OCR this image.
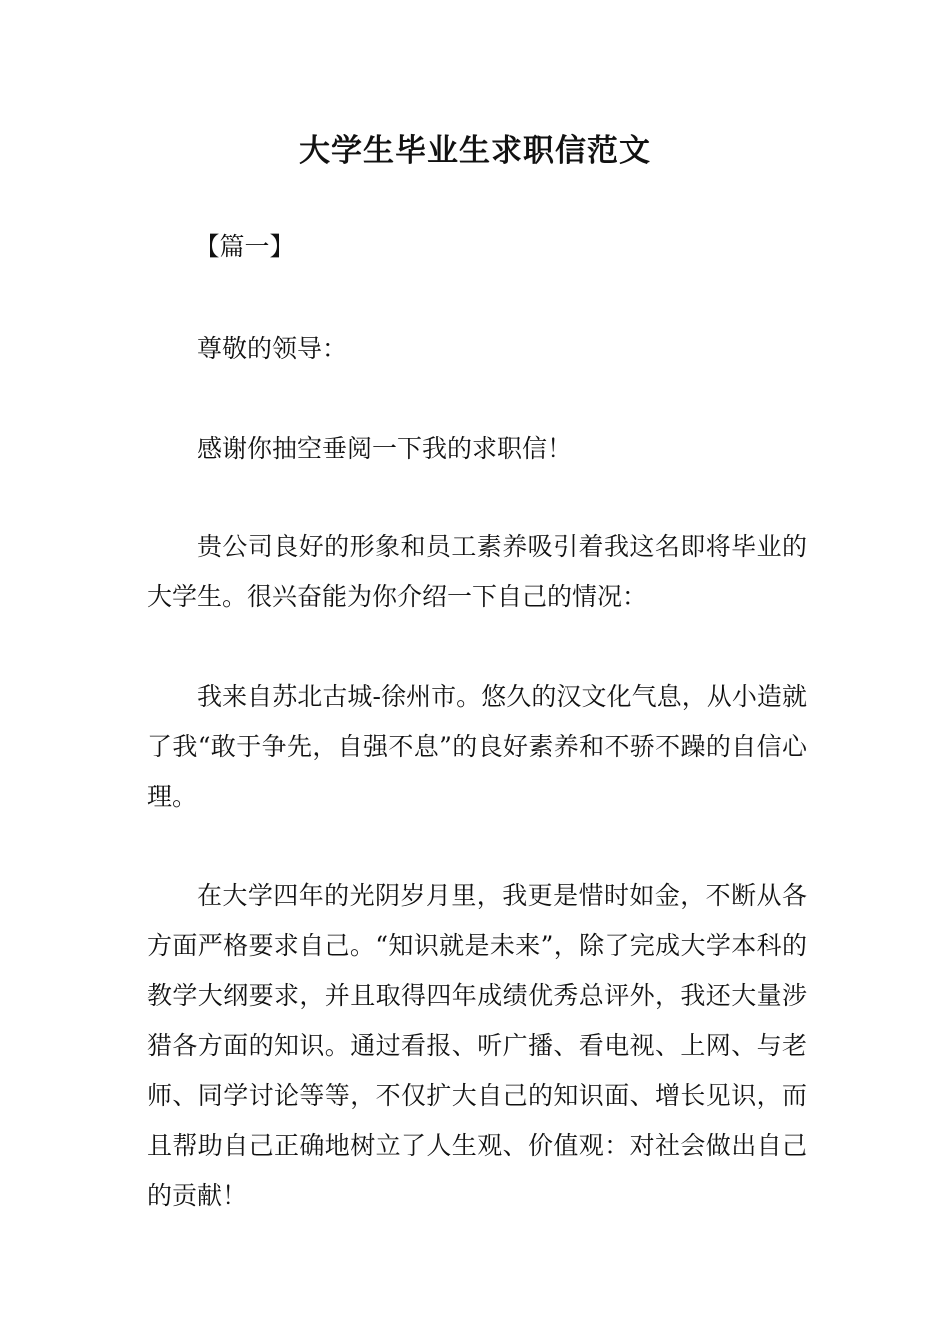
大学生毕业生求职信范文

【篇一】

尊敬的领导：

感谢你抽空垂阅一下我的求职信！

贵公司良好的形象和员工素养吸引着我这名即将毕业的大学生。很兴奋能为你介绍一下自己的情况：

我来自苏北古城-徐州市。悠久的汉文化气息，从小造就了我“敢于争先，自强不息”的良好素养和不骄不躁的自信心理。

在大学四年的光阴岁月里，我更是惜时如金，不断从各方面严格要求自己。“知识就是未来”，除了完成大学本科的教学大纲要求，并且取得四年成绩优秀总评外，我还大量涉猎各方面的知识。通过看报、听广播、看电视、上网、与老师、同学讨论等等，不仅扩大自己的知识面、增长见识，而且帮助自己正确地树立了人生观、价值观：对社会做出自己的贡献！
